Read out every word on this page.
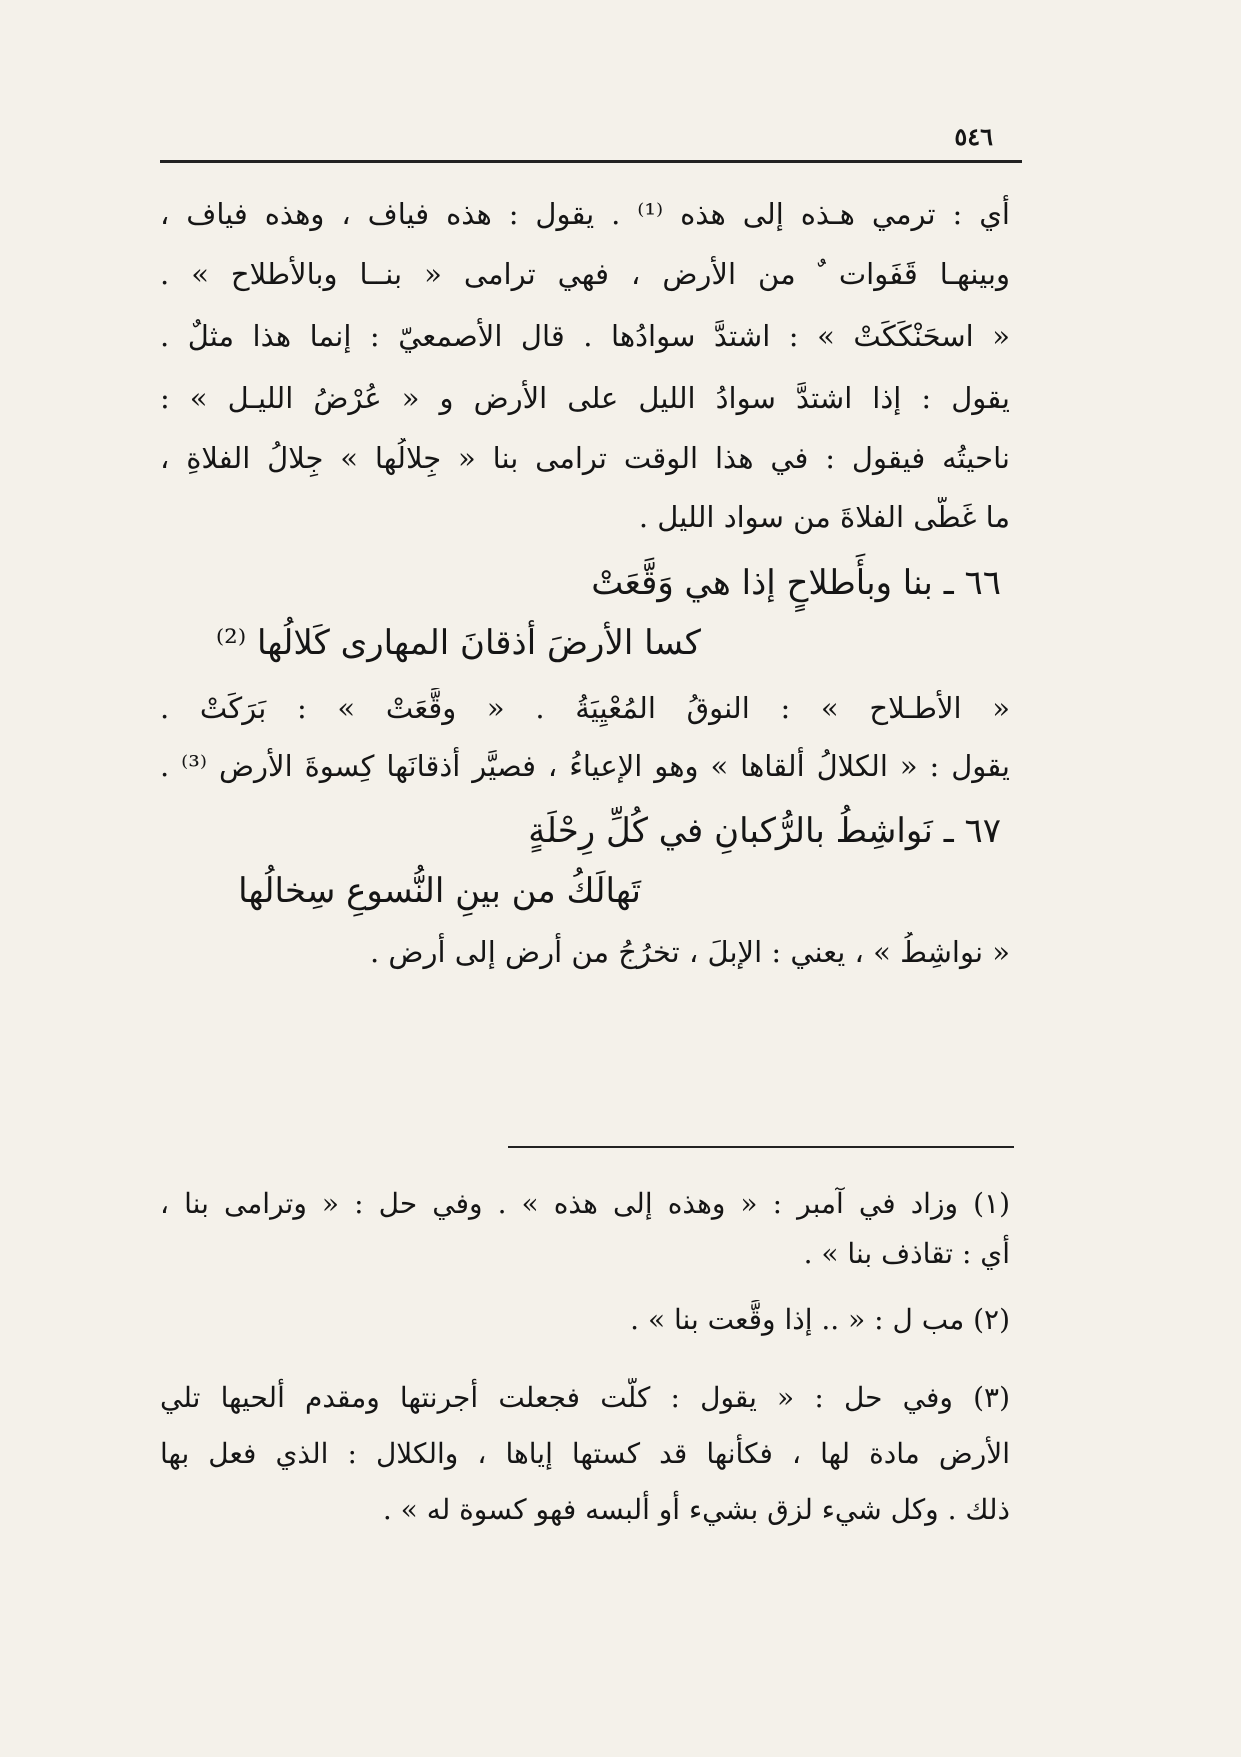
٥٤٦
أي : ترمي هـذه إلى هذه ⁽¹⁾ . يقول : هذه فياف ، وهذه فياف ،
وبينهـا قَفَوات ٌ من الأرض ، فهي ترامى « بنــا وبالأطلاح » .
« اسحَنْكَكَتْ » : اشتدَّ سوادُها . قال الأصمعيّ : إنما هذا مثلٌ .
يقول : إذا اشتدَّ سوادُ الليل على الأرض و « عُرْضُ الليـل » :
ناحيتُه فيقول : في هذا الوقت ترامى بنا « جِلالُها » جِلالُ الفلاةِ ،
ما غَطّى الفلاةَ من سواد الليل .
٦٦ ـ بنا وبأَطلاحٍ إذا هي وَقَّعَتْ
كسا الأرضَ أذقانَ المهارى كَلالُها ⁽²⁾
« الأطـلاح » : النوقُ المُعْيِيَةُ . « وقَّعَتْ » : بَرَكَتْ .
يقول : « الكلالُ ألقاها » وهو الإعياءُ ، فصيَّر أذقانَها كِسوةَ الأرضِ ⁽³⁾ .
٦٧ ـ نَواشِطُ بالرُّكبانِ في كُلِّ رِحْلَةٍ
تَهالَكُ من بينِ النُّسوعِ سِخالُها
« نواشِطُ » ، يعني : الإبلَ ، تخرُجُ من أرضٍ إلى أرض .
(١) وزاد في آمبر : « وهذه إلى هذه » . وفي حل : « وترامى بنا ،
أي : تقاذف بنا » .
(٢) مب ل : « .. إذا وقَّعت بنا » .
(٣) وفي حل : « يقول : كلّت فجعلت أجرنتها ومقدم ألحيها تلي
الأرض مادة لها ، فكأنها قد كستها إياها ، والكلال : الذي فعل بها
ذلك . وكل شيء لزق بشيء أو ألبسه فهو كسوة له » .
